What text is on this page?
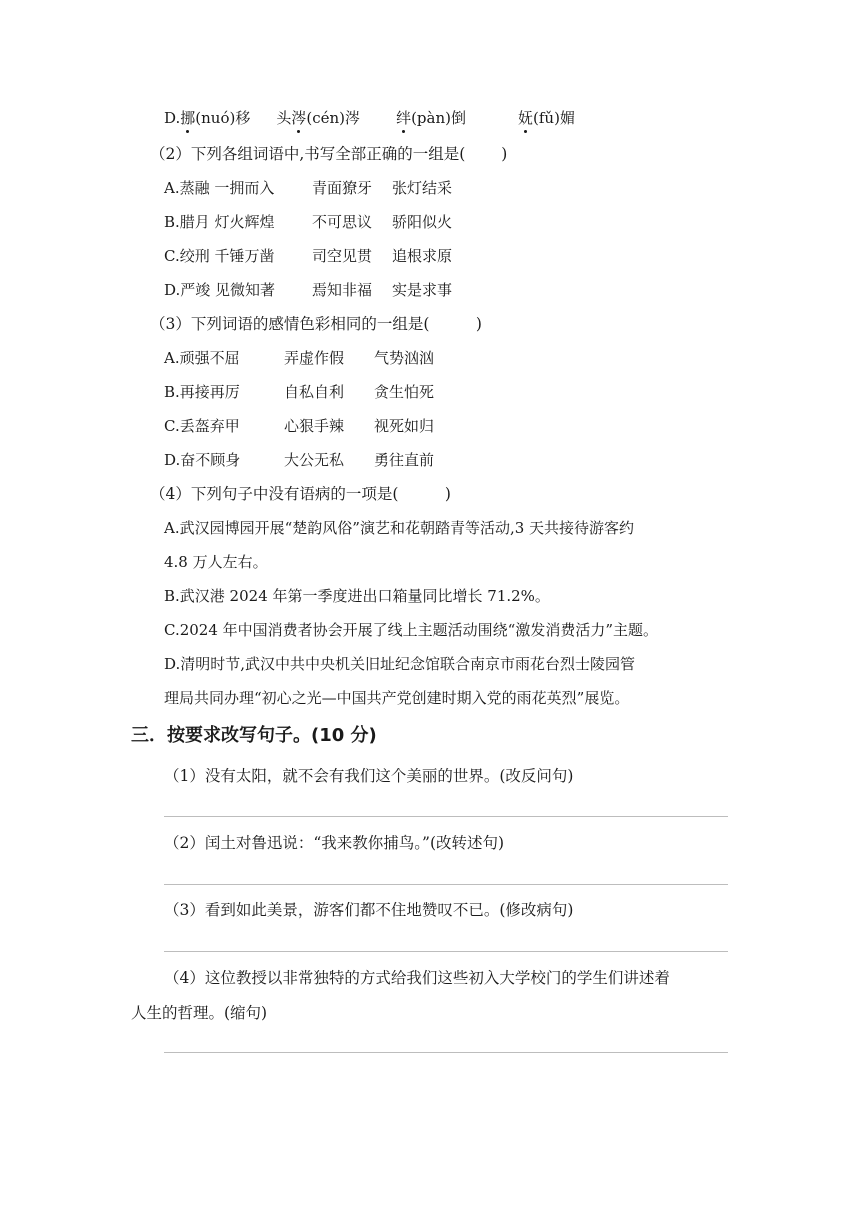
D.挪(nuó)移 头涔(cén)涔 绊(pàn)倒	妩(fǔ)媚
（2）下列各组词语中,书写全部正确的一组是(　　 )
A.蒸融 一拥而入	青面獠牙 张灯结采
B.腊月 灯火辉煌 不可思议 骄阳似火
C.绞刑 千锤万凿	司空见贯 追根求原
D.严竣 见微知著 焉知非福 实是求事
（3）下列词语的感情色彩相同的一组是(　　　)
A.顽强不屈	弄虚作假 气势汹汹
B.再接再厉	自私自利 贪生怕死
C.丢盔弃甲	心狠手辣 视死如归
D.奋不顾身	大公无私 勇往直前
（4）下列句子中没有语病的一项是(　　　)
A.武汉园博园开展“楚韵风俗”演艺和花朝踏青等活动,3 天共接待游客约
4.8 万人左右。
B.武汉港 2024 年第一季度进出口箱量同比增长 71.2%。
C.2024 年中国消费者协会开展了线上主题活动围绕“激发消费活力”主题。
D.清明时节,武汉中共中央机关旧址纪念馆联合南京市雨花台烈士陵园管
理局共同办理“初心之光—中国共产党创建时期入党的雨花英烈”展览。
三．按要求改写句子。(10 分)
（1）没有太阳，就不会有我们这个美丽的世界。(改反问句)
（2）闰土对鲁迅说：“我来教你捕鸟。”(改转述句)
（3）看到如此美景，游客们都不住地赞叹不已。(修改病句)
（4）这位教授以非常独特的方式给我们这些初入大学校门的学生们讲述着
人生的哲理。(缩句)
